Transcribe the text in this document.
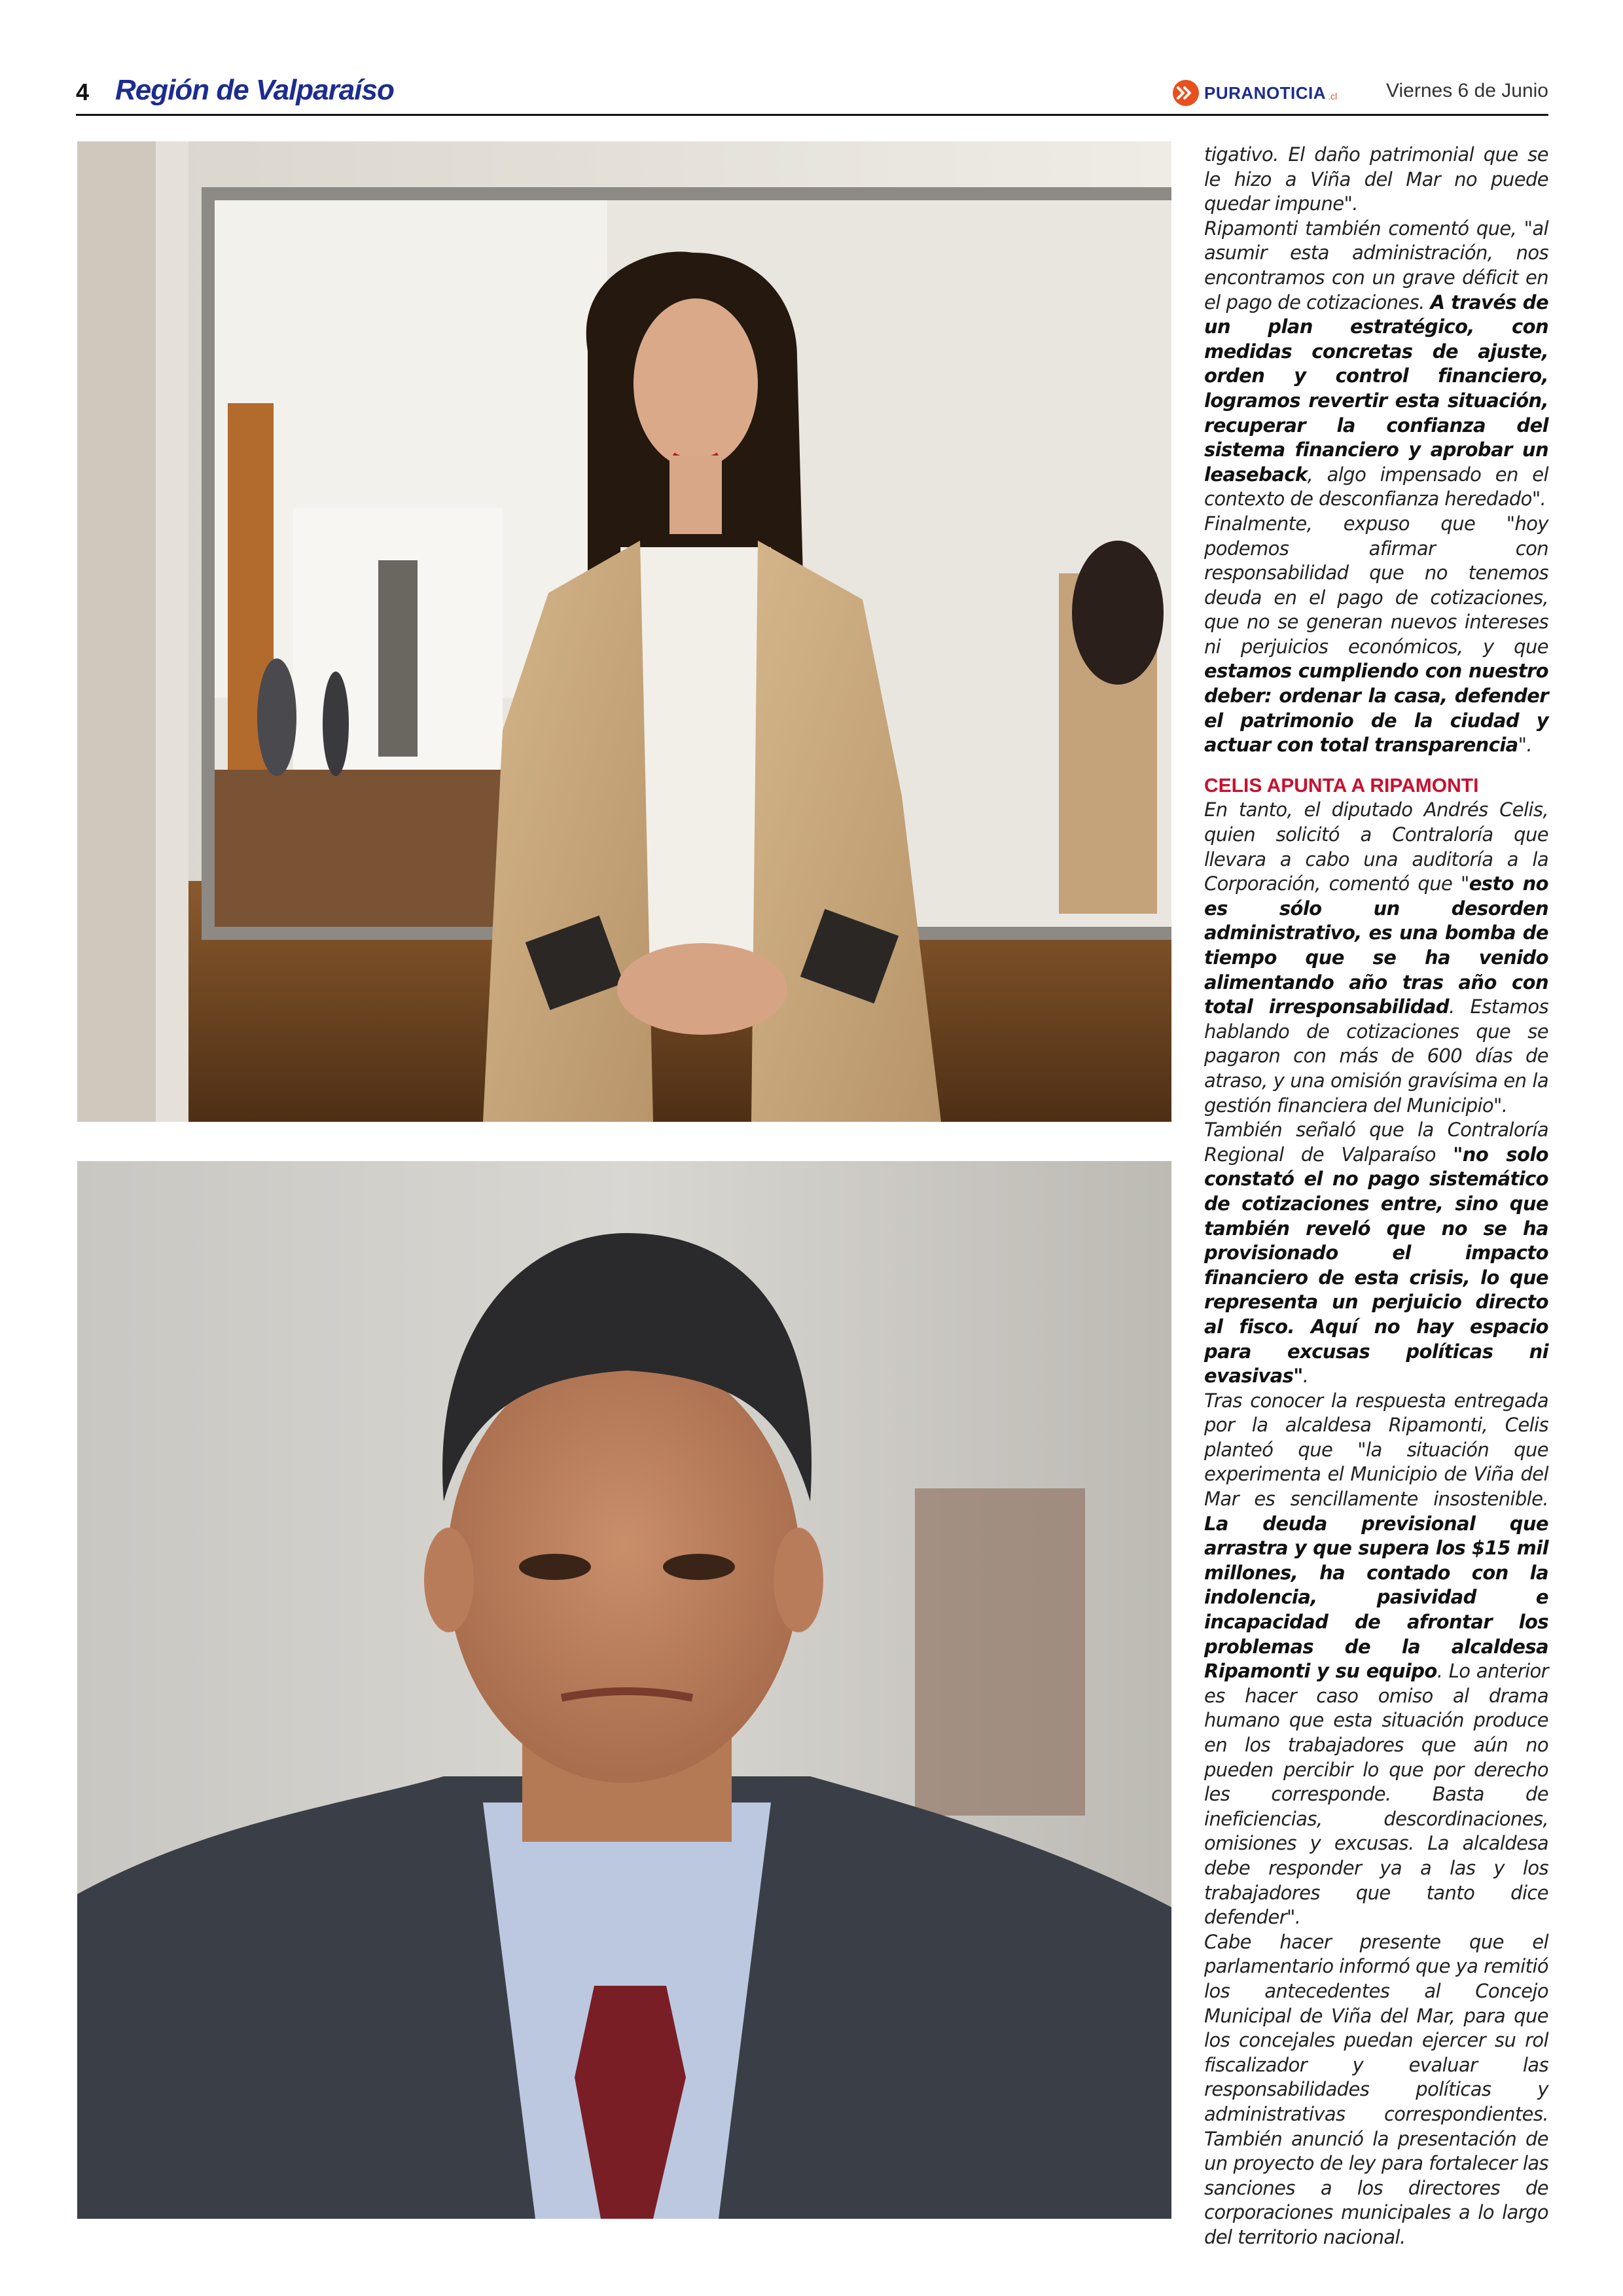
4 Región de Valparaíso	PURANOTICIA .cl Viernes 6 de Junio

tigativo. El daño patrimonial que se le hizo a Viña del Mar no puede quedar impune".

Ripamonti también comentó que, "al asumir esta administración, nos encontramos con un grave déficit en el pago de cotizaciones. A través de un plan estratégico, con medidas concretas de ajuste, orden y control financiero, logramos revertir esta situación, recuperar la confianza del sistema financiero y aprobar un leaseback, algo impensado en el contexto de desconfianza heredado".

Finalmente, expuso que "hoy podemos afirmar con responsabilidad que no tenemos deuda en el pago de cotizaciones, que no se generan nuevos intereses ni perjuicios económicos, y que estamos cumpliendo con nuestro deber: ordenar la casa, defender el patrimonio de la ciudad y actuar con total transparencia".

CELIS APUNTA A RIPAMONTI

En tanto, el diputado Andrés Celis, quien solicitó a Contraloría que llevara a cabo una auditoría a la Corporación, comentó que "esto no es sólo un desorden administrativo, es una bomba de tiempo que se ha venido alimentando año tras año con total irresponsabilidad. Estamos hablando de cotizaciones que se pagaron con más de 600 días de atraso, y una omisión gravísima en la gestión financiera del Municipio".

También señaló que la Contraloría Regional de Valparaíso "no solo constató el no pago sistemático de cotizaciones entre, sino que también reveló que no se ha provisionado el impacto financiero de esta crisis, lo que representa un perjuicio directo al fisco. Aquí no hay espacio para excusas políticas ni evasivas".

Tras conocer la respuesta entregada por la alcaldesa Ripamonti, Celis planteó que "la situación que experimenta el Municipio de Viña del Mar es sencillamente insostenible. La deuda previsional que arrastra y que supera los $15 mil millones, ha contado con la indolencia, pasividad e incapacidad de afrontar los problemas de la alcaldesa Ripamonti y su equipo. Lo anterior es hacer caso omiso al drama humano que esta situación produce en los trabajadores que aún no pueden percibir lo que por derecho les corresponde. Basta de ineficiencias, descordinaciones, omisiones y excusas. La alcaldesa debe responder ya a las y los trabajadores que tanto dice defender".

Cabe hacer presente que el parlamentario informó que ya remitió los antecedentes al Concejo Municipal de Viña del Mar, para que los concejales puedan ejercer su rol fiscalizador y evaluar las responsabilidades políticas y administrativas correspondientes. También anunció la presentación de un proyecto de ley para fortalecer las sanciones a los directores de corporaciones municipales a lo largo del territorio nacional.
